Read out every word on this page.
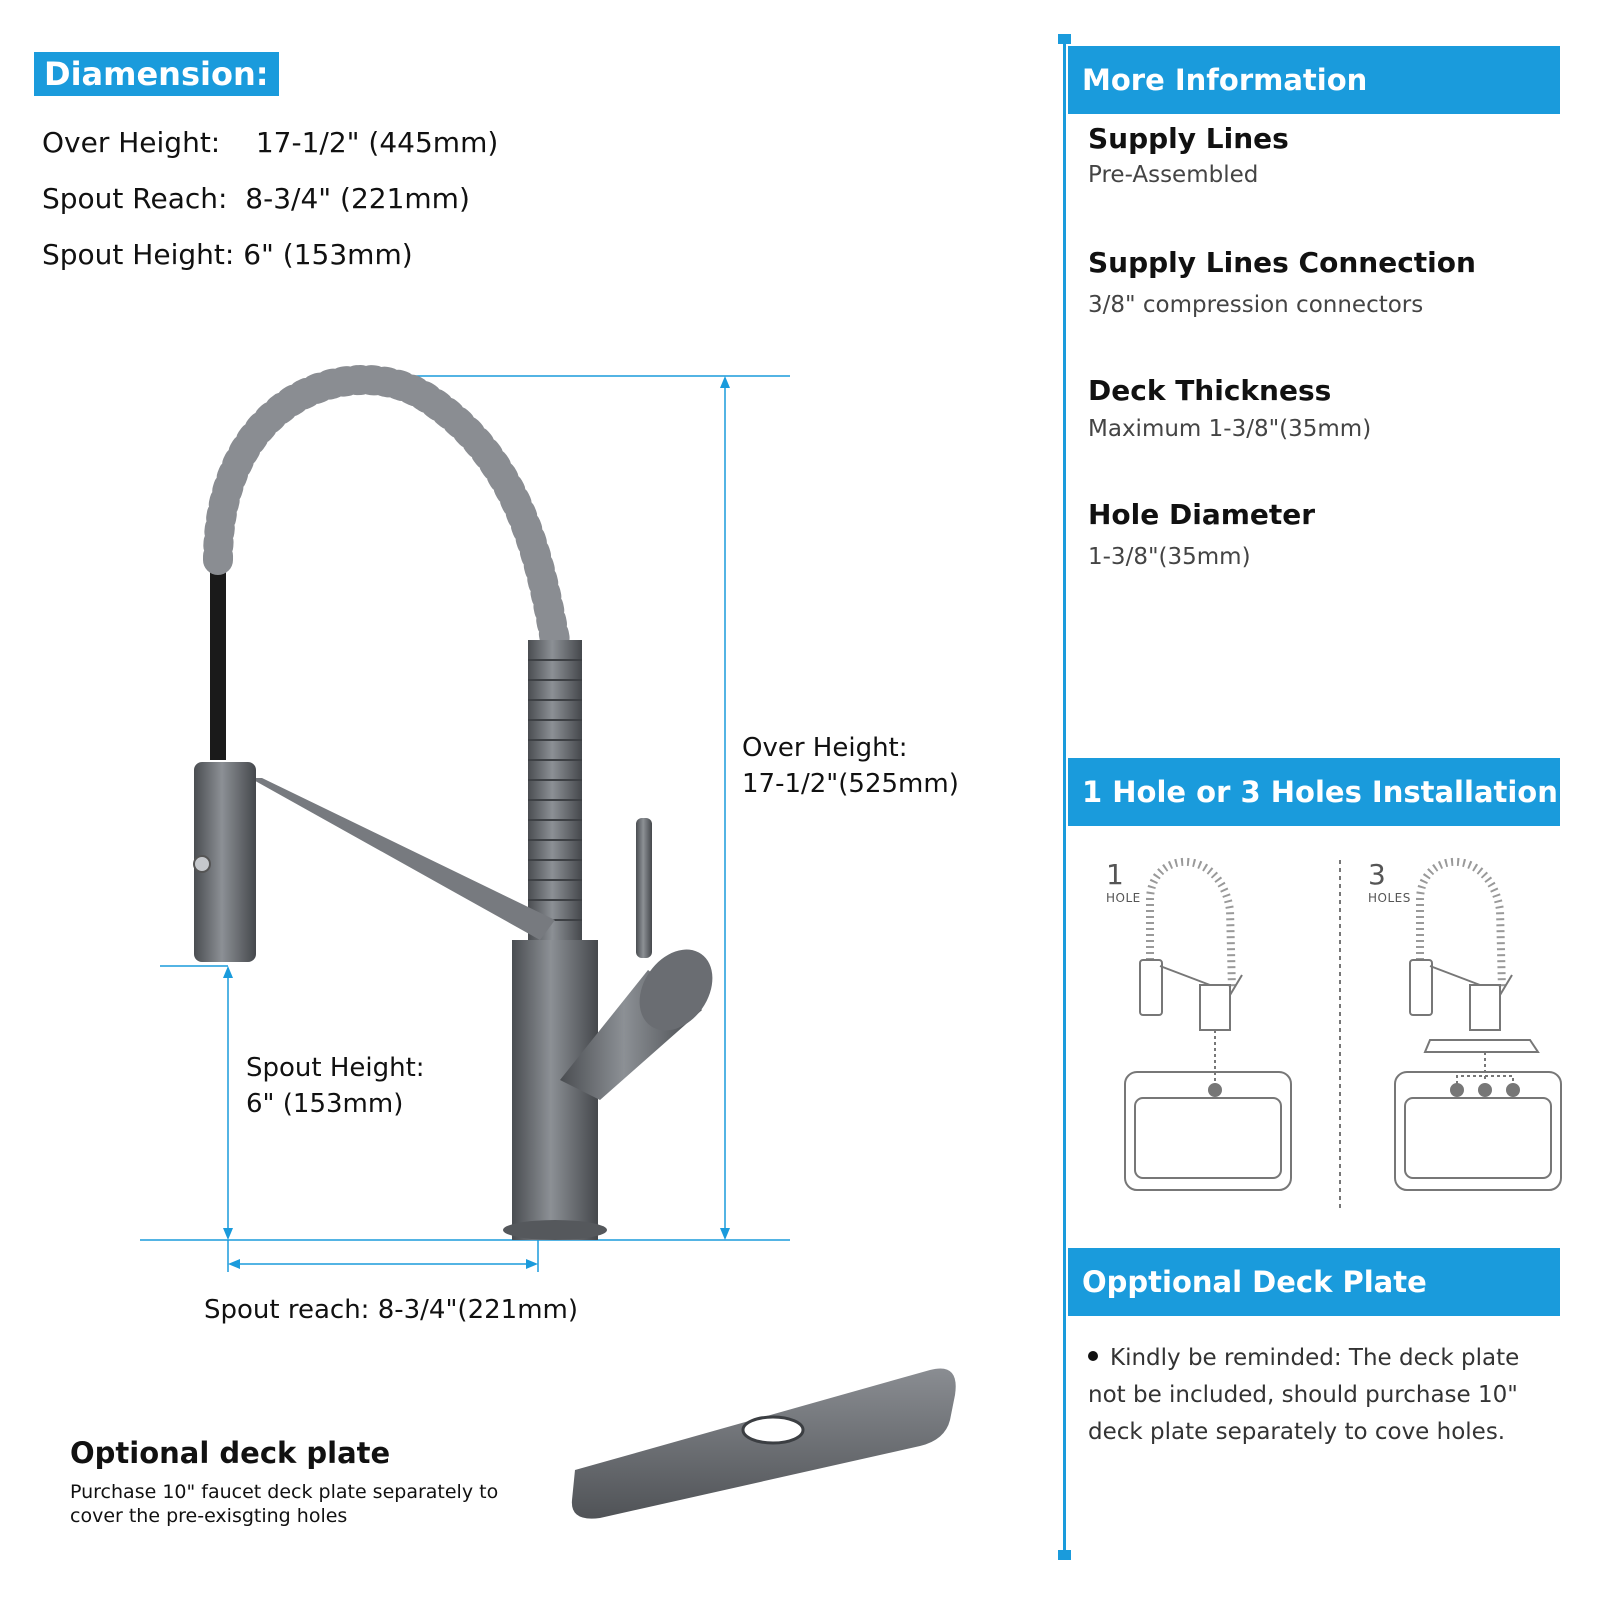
Diamension:
Over Height: 17-1/2" (445mm)
Spout Reach: 8-3/4" (221mm)
Spout Height: 6" (153mm)
Over Height:
17-1/2"(525mm)
Spout Height:
6" (153mm)
Spout reach: 8-3/4"(221mm)
Optional deck plate
Purchase 10" faucet deck plate separately to cover the pre-exisgting holes
More Information
Supply Lines
Pre-Assembled
Supply Lines Connection
3/8" compression connectors
Deck Thickness
Maximum 1-3/8"(35mm)
Hole Diameter
1-3/8"(35mm)
1 Hole or 3 Holes Installation
1
HOLE
3
HOLES
Opptional Deck Plate
Kindly be reminded: The deck plate not be included, should purchase 10" deck plate separately to cove holes.
